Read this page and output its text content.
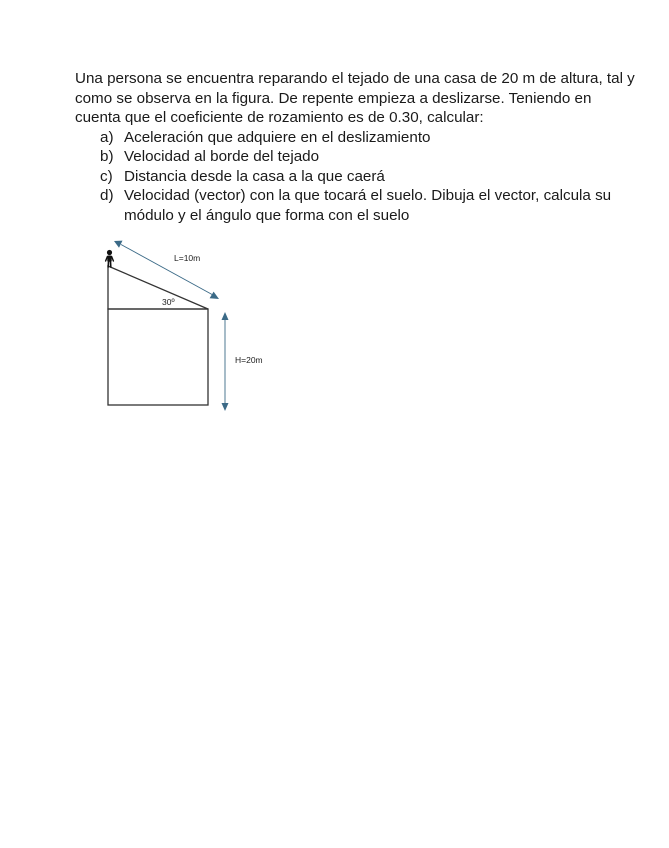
Una persona se encuentra reparando el tejado de una casa de 20 m de altura, tal y

como se observa en la figura. De repente empieza a deslizarse. Teniendo en

cuenta que el coeficiente de rozamiento es de 0.30, calcular:

a) Aceleración que adquiere en el deslizamiento
b) Velocidad al borde del tejado
c) Distancia desde la casa a la que caerá
d) Velocidad (vector) con la que tocará el suelo. Dibuja el vector, calcula su
módulo y el ángulo que forma con el suelo
L=10m
30º
H=20m
